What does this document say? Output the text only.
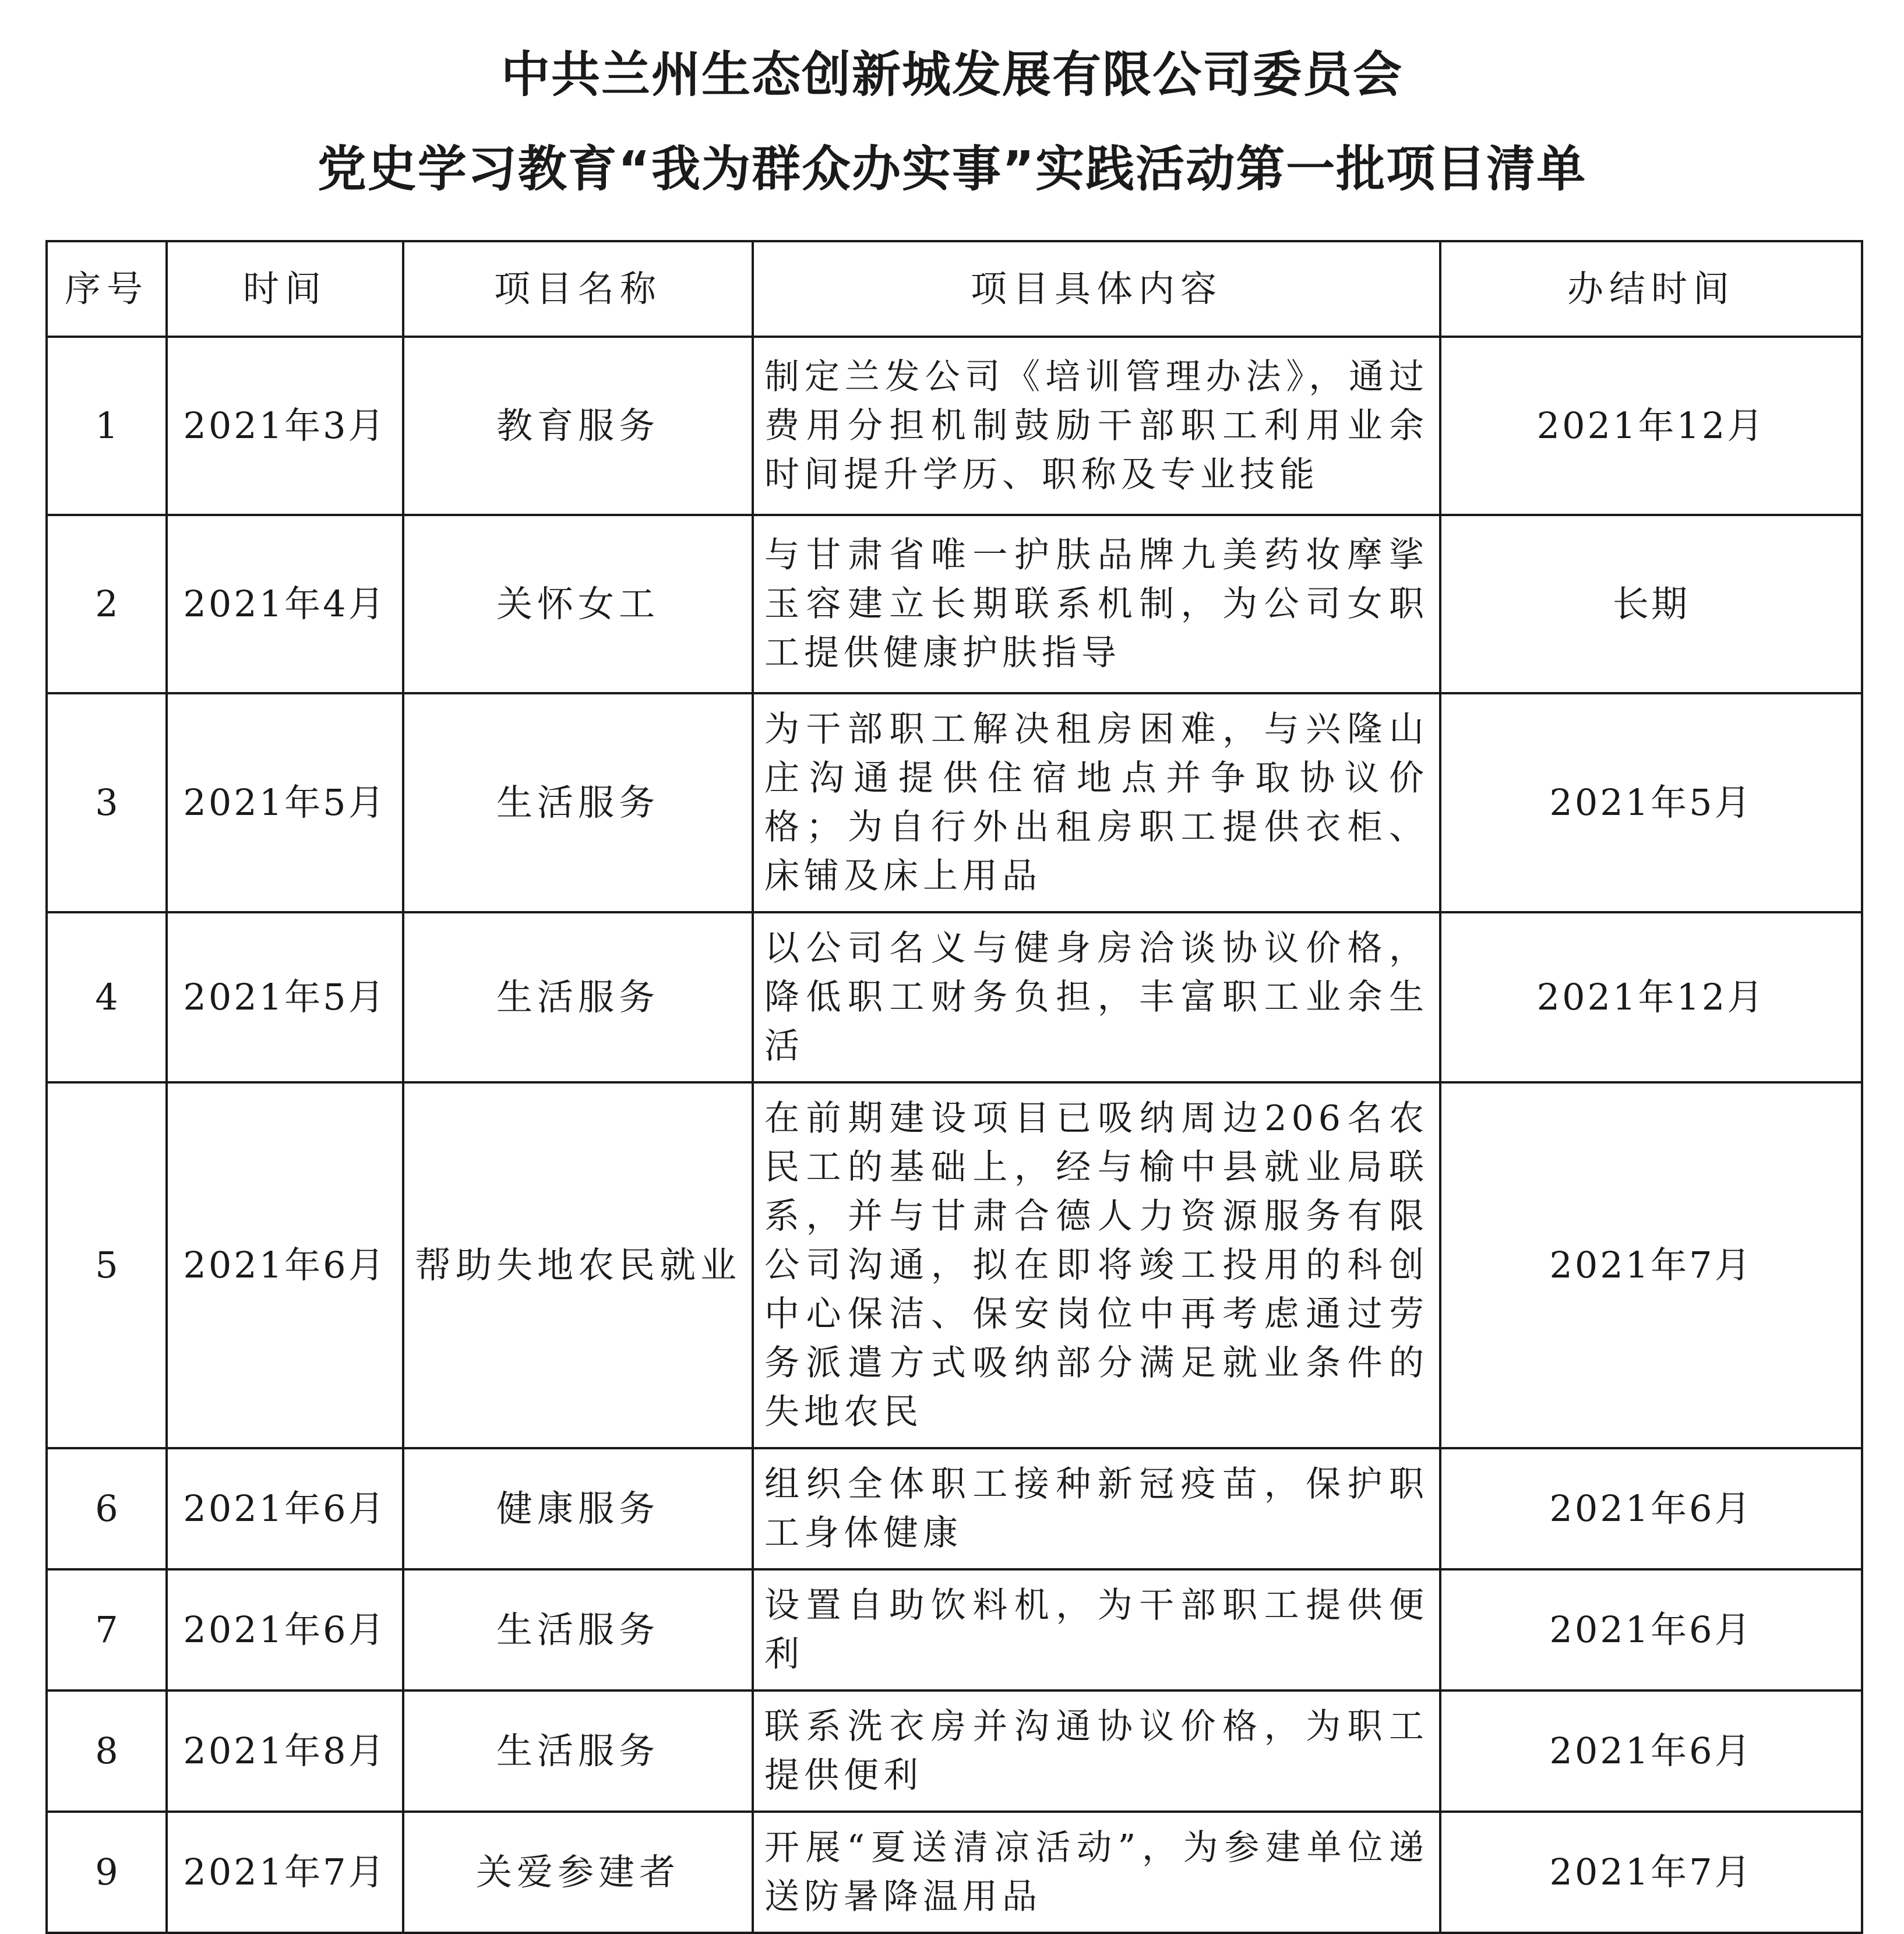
中共兰州生态创新城发展有限公司委员会
党史学习教育“我为群众办实事”实践活动第一批项目清单
序号	时间	项目名称	项目具体内容	办结时间
1	2021年3月	教育服务	制定兰发公司《培训管理办法》，通过费用分担机制鼓励干部职工利用业余时间提升学历、职称及专业技能	2021年12月
2	2021年4月	关怀女工	与甘肃省唯一护肤品牌九美药妆摩挲玉容建立长期联系机制，为公司女职工提供健康护肤指导	长期
3	2021年5月	生活服务	为干部职工解决租房困难，与兴隆山庄沟通提供住宿地点并争取协议价格；为自行外出租房职工提供衣柜、床铺及床上用品	2021年5月
4	2021年5月	生活服务	以公司名义与健身房洽谈协议价格，降低职工财务负担，丰富职工业余生活	2021年12月
5	2021年6月	帮助失地农民就业	在前期建设项目已吸纳周边206名农民工的基础上，经与榆中县就业局联系，并与甘肃合德人力资源服务有限公司沟通，拟在即将竣工投用的科创中心保洁、保安岗位中再考虑通过劳务派遣方式吸纳部分满足就业条件的失地农民	2021年7月
6	2021年6月	健康服务	组织全体职工接种新冠疫苗，保护职工身体健康	2021年6月
7	2021年6月	生活服务	设置自助饮料机，为干部职工提供便利	2021年6月
8	2021年8月	生活服务	联系洗衣房并沟通协议价格，为职工提供便利	2021年6月
9	2021年7月	关爱参建者	开展“夏送清凉活动”，为参建单位递送防暑降温用品	2021年7月
